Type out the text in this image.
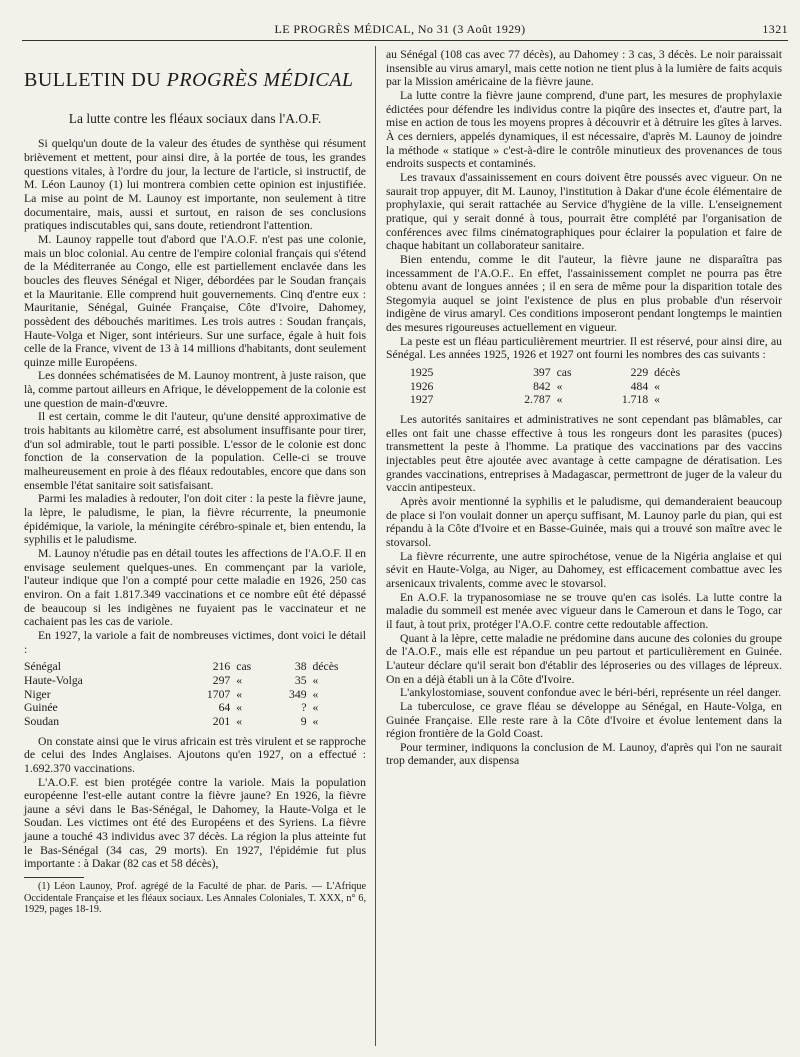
LE PROGRÈS MÉDICAL, No 31 (3 Août 1929)	1321
BULLETIN DU PROGRÈS MÉDICAL
La lutte contre les fléaux sociaux dans l'A.O.F.

Si quelqu'un doute de la valeur des études de synthèse qui résument brièvement et mettent, pour ainsi dire, à la portée de tous, les grandes questions vitales, à l'ordre du jour, la lecture de l'article, si instructif, de M. Léon Launoy (1) lui montrera combien cette opinion est injustifiée. La mise au point de M. Launoy est importante, non seulement à titre documentaire, mais, aussi et surtout, en raison de ses conclusions pratiques indiscutables qui, sans doute, retiendront l'attention.

M. Launoy rappelle tout d'abord que l'A.O.F. n'est pas une colonie, mais un bloc colonial. Au centre de l'empire colonial français qui s'étend de la Méditerranée au Congo, elle est partiellement enclavée dans les boucles des fleuves Sénégal et Niger, débordées par le Soudan français et la Mauritanie. Elle comprend huit gouvernements. Cinq d'entre eux : Mauritanie, Sénégal, Guinée Française, Côte d'Ivoire, Dahomey, possèdent des débouchés maritimes. Les trois autres : Soudan français, Haute-Volga et Niger, sont intérieurs. Sur une surface, égale à huit fois celle de la France, vivent de 13 à 14 millions d'habitants, dont seulement quinze mille Européens.

Les données schématisées de M. Launoy montrent, à juste raison, que là, comme partout ailleurs en Afrique, le développement de la colonie est une question de main-d'œuvre.

Il est certain, comme le dit l'auteur, qu'une densité approximative de trois habitants au kilomètre carré, est absolument insuffisante pour tirer, d'un sol admirable, tout le parti possible. L'essor de le colonie est donc fonction de la conservation de la population. Celle-ci se trouve malheureusement en proie à des fléaux redoutables, encore que dans son ensemble l'état sanitaire soit satisfaisant.

Parmi les maladies à redouter, l'on doit citer : la peste la fièvre jaune, la lèpre, le paludisme, le pian, la fièvre récurrente, la pneumonie épidémique, la variole, la méningite cérébro-spinale et, bien entendu, la syphilis et le paludisme.

M. Launoy n'étudie pas en détail toutes les affections de l'A.O.F. Il en envisage seulement quelques-unes. En commençant par la variole, l'auteur indique que l'on a compté pour cette maladie en 1926, 250 cas environ. On a fait 1.817.349 vaccinations et ce nombre eût été dépassé de beaucoup si les indigènes ne fuyaient pas le vaccinateur et ne cachaient pas les cas de variole.

En 1927, la variole a fait de nombreuses victimes, dont voici le détail :

Sénégal	216	cas	38	décès
Haute-Volga	297	«	35	«
Niger	1707	«	349	«
Guinée	64	«	?	«
Soudan	201	«	9	«

On constate ainsi que le virus africain est très virulent et se rapproche de celui des Indes Anglaises. Ajoutons qu'en 1927, on a effectué : 1.692.370 vaccinations.

L'A.O.F. est bien protégée contre la variole. Mais la population européenne l'est-elle autant contre la fièvre jaune? En 1926, la fièvre jaune a sévi dans le Bas-Sénégal, le Dahomey, la Haute-Volga et le Soudan. Les victimes ont été des Européens et des Syriens. La fièvre jaune a touché 43 individus avec 37 décès. La région la plus atteinte fut le Bas-Sénégal (34 cas, 29 morts). En 1927, l'épidémie fut plus importante : à Dakar (82 cas et 58 décès),

(1) Léon Launoy, Prof. agrégé de la Faculté de phar. de Paris. — L'Afrique Occidentale Française et les fléaux sociaux. Les Annales Coloniales, T. XXX, n° 6, 1929, pages 18-19.

au Sénégal (108 cas avec 77 décès), au Dahomey : 3 cas, 3 décès. Le noir paraissait insensible au virus amaryl, mais cette notion ne tient plus à la lumière de faits acquis par la Mission américaine de la fièvre jaune.

La lutte contre la fièvre jaune comprend, d'une part, les mesures de prophylaxie édictées pour défendre les individus contre la piqûre des insectes et, d'autre part, la mise en action de tous les moyens propres à découvrir et à détruire les gîtes à larves. À ces derniers, appelés dynamiques, il est nécessaire, d'après M. Launoy de joindre la méthode « statique » c'est-à-dire le contrôle minutieux des provenances de tous endroits suspects et contaminés.

Les travaux d'assainissement en cours doivent être poussés avec vigueur. On ne saurait trop appuyer, dit M. Launoy, l'institution à Dakar d'une école élémentaire de prophylaxie, qui serait rattachée au Service d'hygiène de la ville. L'enseignement pratique, qui y serait donné à tous, pourrait être complété par l'organisation de conférences avec films cinématographiques pour éclairer la population et faire de chaque habitant un collaborateur sanitaire.

Bien entendu, comme le dit l'auteur, la fièvre jaune ne disparaîtra pas incessamment de l'A.O.F.. En effet, l'assainissement complet ne pourra pas être obtenu avant de longues années ; il en sera de même pour la disparition totale des Stegomyia auquel se joint l'existence de plus en plus probable d'un réservoir indigène de virus amaryl. Ces conditions imposeront pendant longtemps le maintien des mesures rigoureuses actuellement en vigueur.

La peste est un fléau particulièrement meurtrier. Il est réservé, pour ainsi dire, au Sénégal. Les années 1925, 1926 et 1927 ont fourni les nombres des cas suivants :

1925	397	cas	229	décès
1926	842	«	484	«
1927	2.787	«	1.718	«

Les autorités sanitaires et administratives ne sont cependant pas blâmables, car elles ont fait une chasse effective à tous les rongeurs dont les parasites (puces) transmettent la peste à l'homme. La pratique des vaccinations par des vaccins injectables peut être ajoutée avec avantage à cette campagne de dératisation. Les grandes vaccinations, entreprises à Madagascar, permettront de juger de la valeur du vaccin antipesteux.

Après avoir mentionné la syphilis et le paludisme, qui demanderaient beaucoup de place si l'on voulait donner un aperçu suffisant, M. Launoy parle du pian, qui est répandu à la Côte d'Ivoire et en Basse-Guinée, mais qui a trouvé son maître avec le stovarsol.

La fièvre récurrente, une autre spirochétose, venue de la Nigéria anglaise et qui sévit en Haute-Volga, au Niger, au Dahomey, est efficacement combattue avec les arsenicaux trivalents, comme avec le stovarsol.

En A.O.F. la trypanosomiase ne se trouve qu'en cas isolés. La lutte contre la maladie du sommeil est menée avec vigueur dans le Cameroun et dans le Togo, car il faut, à tout prix, protéger l'A.O.F. contre cette redoutable affection.

Quant à la lèpre, cette maladie ne prédomine dans aucune des colonies du groupe de l'A.O.F., mais elle est répandue un peu partout et particulièrement en Guinée. L'auteur déclare qu'il serait bon d'établir des léproseries ou des villages de lépreux. On en a déjà établi un à la Côte d'Ivoire.

L'ankylostomiase, souvent confondue avec le béri-béri, représente un réel danger.

La tuberculose, ce grave fléau se développe au Sénégal, en Haute-Volga, en Guinée Française. Elle reste rare à la Côte d'Ivoire et évolue lentement dans la région frontière de la Gold Coast.

Pour terminer, indiquons la conclusion de M. Launoy, d'après qui l'on ne saurait trop demander, aux dispensa
